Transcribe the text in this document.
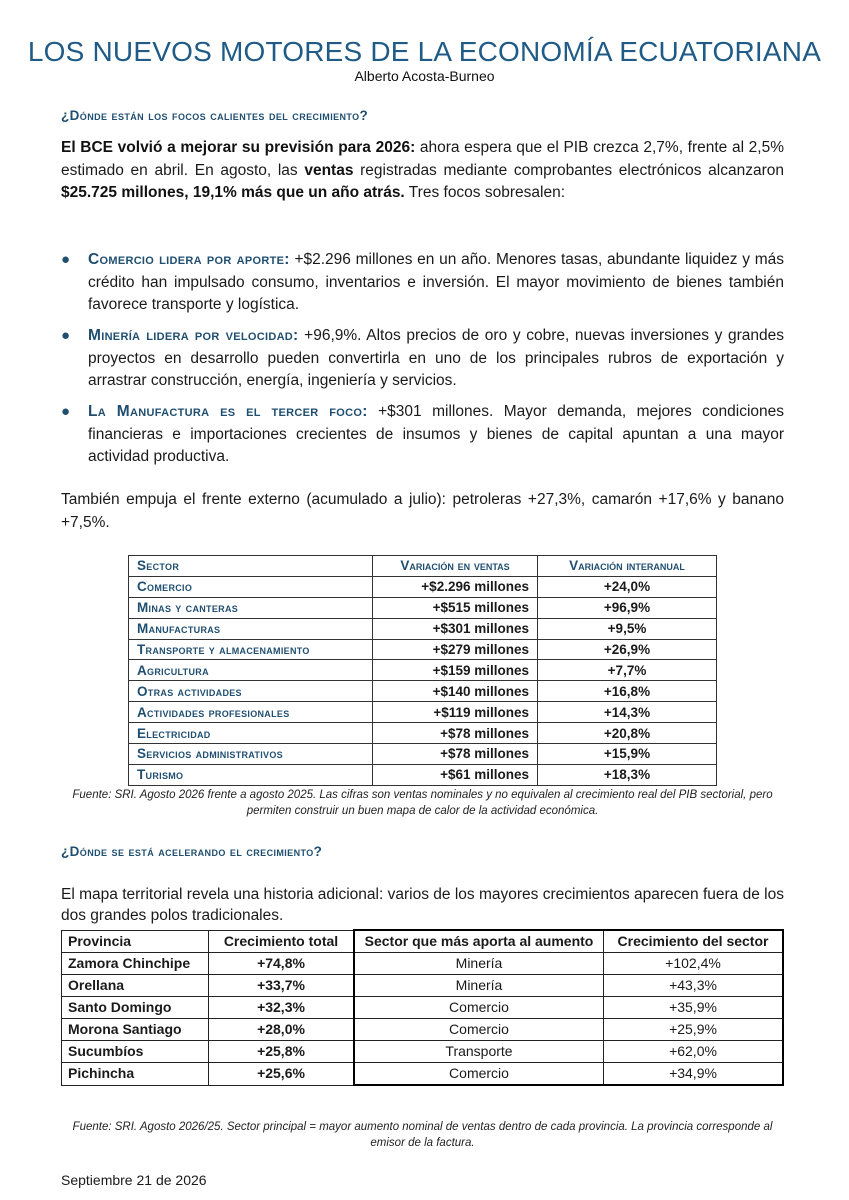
LOS NUEVOS MOTORES DE LA ECONOMÍA ECUATORIANA
Alberto Acosta-Burneo
¿Dónde están los focos calientes del crecimiento?
El BCE volvió a mejorar su previsión para 2026: ahora espera que el PIB crezca 2,7%, frente al 2,5% estimado en abril. En agosto, las ventas registradas mediante comprobantes electrónicos alcanzaron $25.725 millones, 19,1% más que un año atrás. Tres focos sobresalen:
● Comercio lidera por aporte: +$2.296 millones en un año. Menores tasas, abundante liquidez y más crédito han impulsado consumo, inventarios e inversión. El mayor movimiento de bienes también favorece transporte y logística.
● Minería lidera por velocidad: +96,9%. Altos precios de oro y cobre, nuevas inversiones y grandes proyectos en desarrollo pueden convertirla en uno de los principales rubros de exportación y arrastrar construcción, energía, ingeniería y servicios.
● La Manufactura es el tercer foco: +$301 millones. Mayor demanda, mejores condiciones financieras e importaciones crecientes de insumos y bienes de capital apuntan a una mayor actividad productiva.
También empuja el frente externo (acumulado a julio): petroleras +27,3%, camarón +17,6% y banano +7,5%.
Sector	Variación en ventas	Variación interanual
Comercio	+$2.296 millones	+24,0%
Minas y canteras	+$515 millones	+96,9%
Manufacturas	+$301 millones	+9,5%
Transporte y almacenamiento	+$279 millones	+26,9%
Agricultura	+$159 millones	+7,7%
Otras actividades	+$140 millones	+16,8%
Actividades profesionales	+$119 millones	+14,3%
Electricidad	+$78 millones	+20,8%
Servicios administrativos	+$78 millones	+15,9%
Turismo	+$61 millones	+18,3%
Fuente: SRI. Agosto 2026 frente a agosto 2025. Las cifras son ventas nominales y no equivalen al crecimiento real del PIB sectorial, pero permiten construir un buen mapa de calor de la actividad económica.
¿Dónde se está acelerando el crecimiento?
El mapa territorial revela una historia adicional: varios de los mayores crecimientos aparecen fuera de los dos grandes polos tradicionales.
Provincia	Crecimiento total	Sector que más aporta al aumento	Crecimiento del sector
Zamora Chinchipe	+74,8%	Minería	+102,4%
Orellana	+33,7%	Minería	+43,3%
Santo Domingo	+32,3%	Comercio	+35,9%
Morona Santiago	+28,0%	Comercio	+25,9%
Sucumbíos	+25,8%	Transporte	+62,0%
Pichincha	+25,6%	Comercio	+34,9%
Fuente: SRI. Agosto 2026/25. Sector principal = mayor aumento nominal de ventas dentro de cada provincia. La provincia corresponde al emisor de la factura.
Septiembre 21 de 2026
